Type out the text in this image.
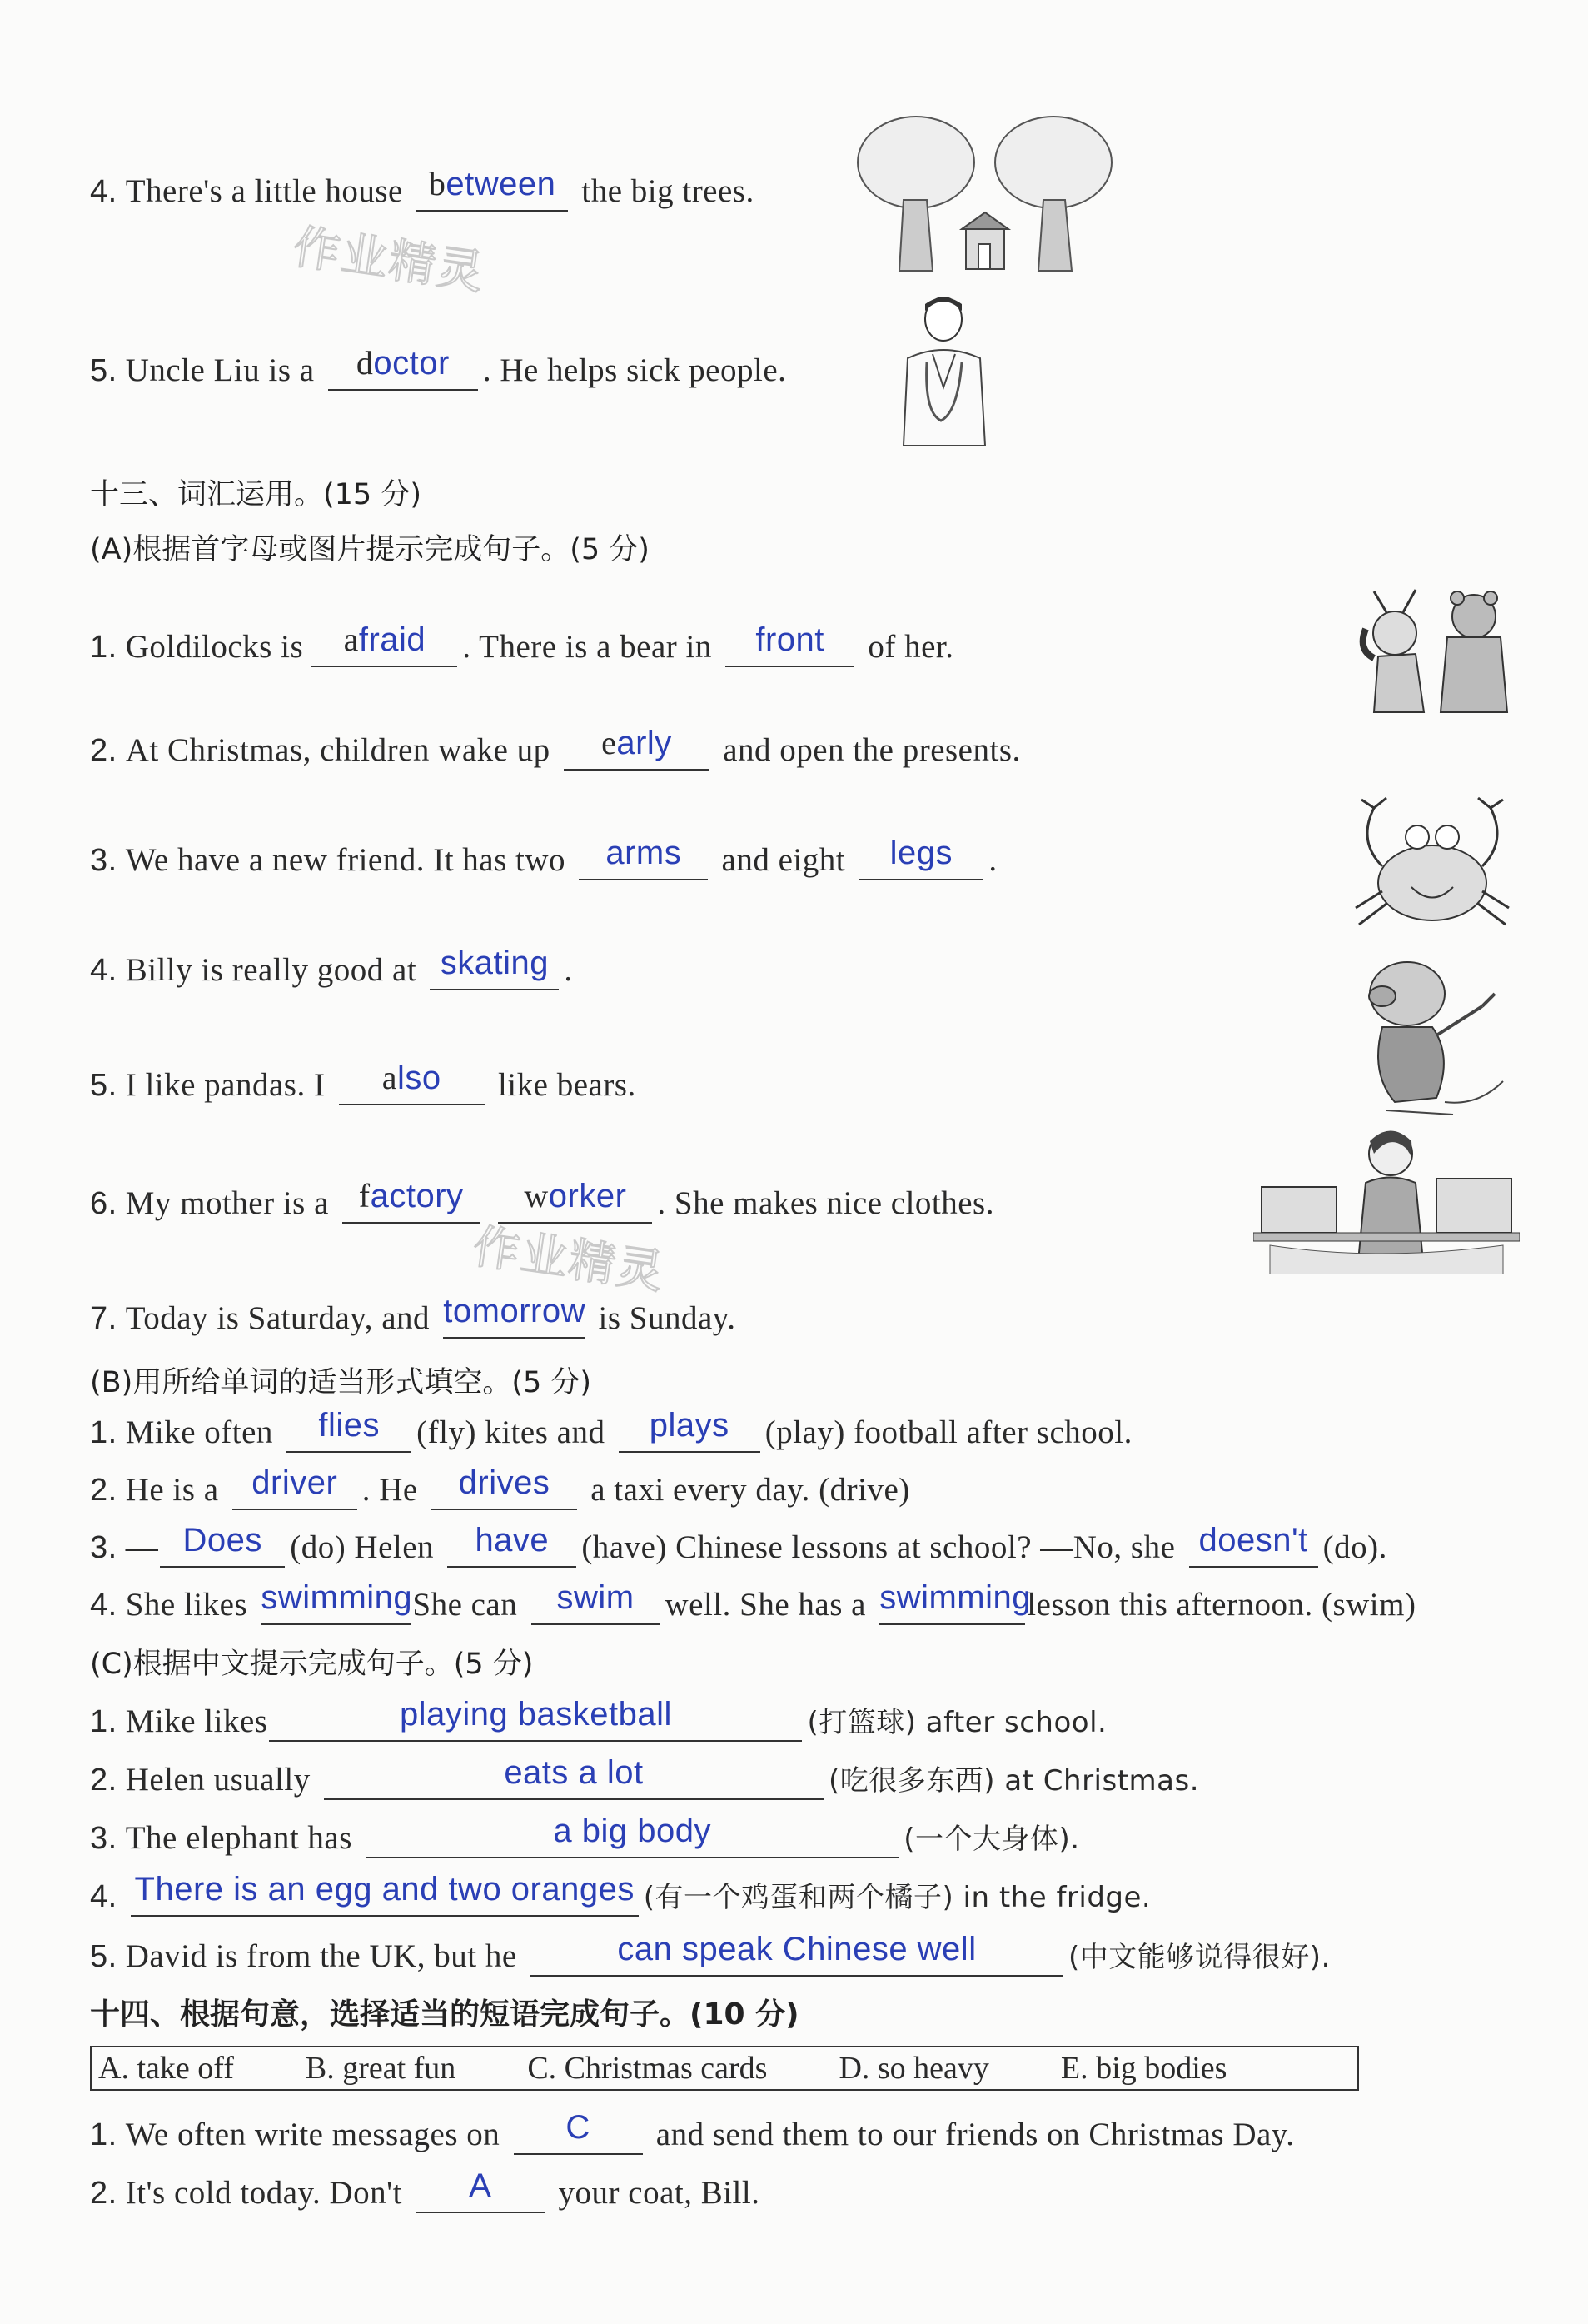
作业精灵
作业精灵
4. There's a little house between the big trees.
5. Uncle Liu is a doctor . He helps sick people.
十三、词汇运用。(15 分)
(A)根据首字母或图片提示完成句子。(5 分)
1. Goldilocks is afraid . There is a bear in front of her.
2. At Christmas, children wake up early and open the presents.
3. We have a new friend. It has two arms and eight legs .
4. Billy is really good at skating .
5. I like pandas. I also like bears.
6. My mother is a factory worker . She makes nice clothes.
7. Today is Saturday, and tomorrow is Sunday.
(B)用所给单词的适当形式填空。(5 分)
1. Mike often flies (fly) kites and plays (play) football after school.
2. He is a driver . He drives a taxi every day. (drive)
3. — Does (do) Helen have (have) Chinese lessons at school? —No, she doesn't (do).
4. She likes swimmingShe can swim well. She has a swimminglesson this afternoon. (swim)
(C)根据中文提示完成句子。(5 分)
1. Mike likes	playing basketball	(打篮球) after school.
2. Helen usually	eats a lot	(吃很多东西) at Christmas.
3. The elephant has	a big body	(一个大身体).
4. There is an egg and two oranges (有一个鸡蛋和两个橘子) in the fridge.
5. David is from the UK, but he	can speak Chinese well	(中文能够说得很好).
十四、根据句意，选择适当的短语完成句子。(10 分)
A. take off B. great fun C. Christmas cards D. so heavy E. big bodies
1. We often write messages on C and send them to our friends on Christmas Day.
2. It's cold today. Don't A your coat, Bill.
